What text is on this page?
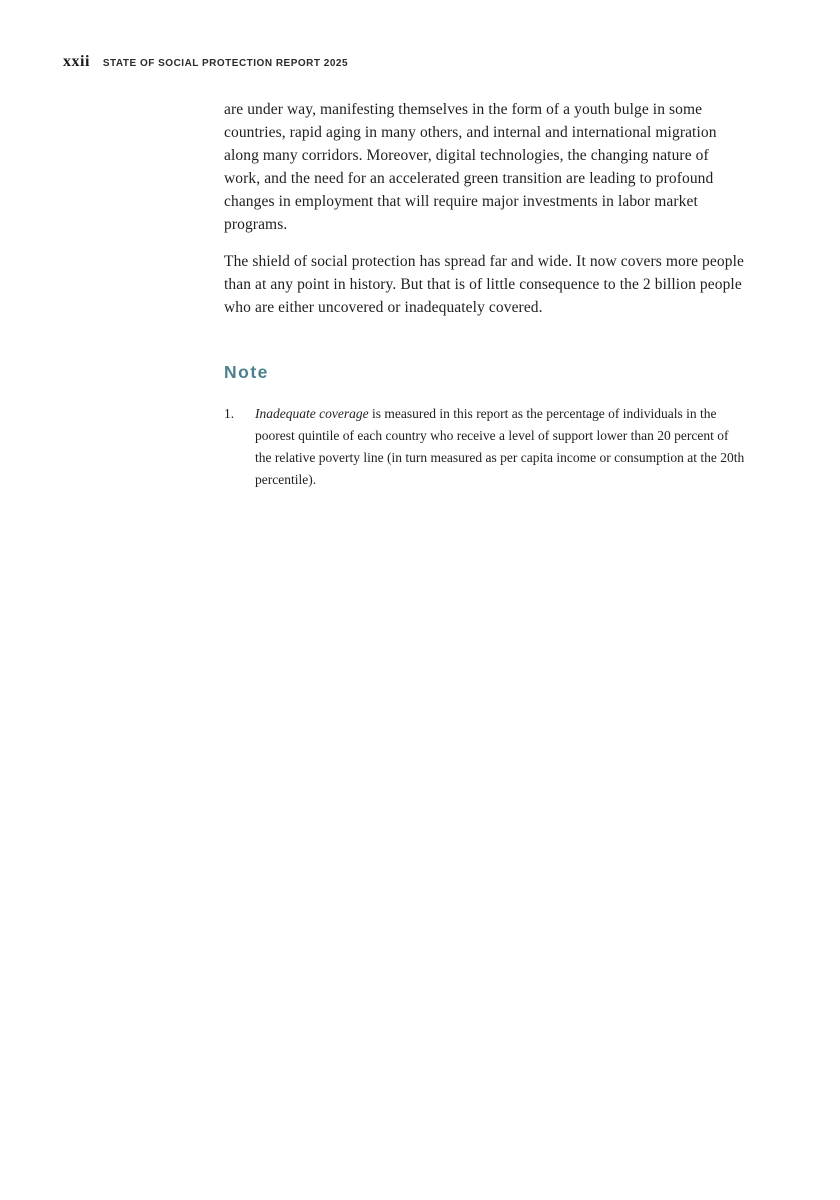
xxii STATE OF SOCIAL PROTECTION REPORT 2025

are under way, manifesting themselves in the form of a youth bulge in some countries, rapid aging in many others, and internal and international migration along many corridors. Moreover, digital technologies, the changing nature of work, and the need for an accelerated green transition are leading to profound changes in employment that will require major investments in labor market programs.

The shield of social protection has spread far and wide. It now covers more people than at any point in history. But that is of little consequence to the 2 billion people who are either uncovered or inadequately covered.

Note
1.	Inadequate coverage is measured in this report as the percentage of individuals in the poorest quintile of each country who receive a level of support lower than 20 percent of the relative poverty line (in turn measured as per capita income or consumption at the 20th percentile).
